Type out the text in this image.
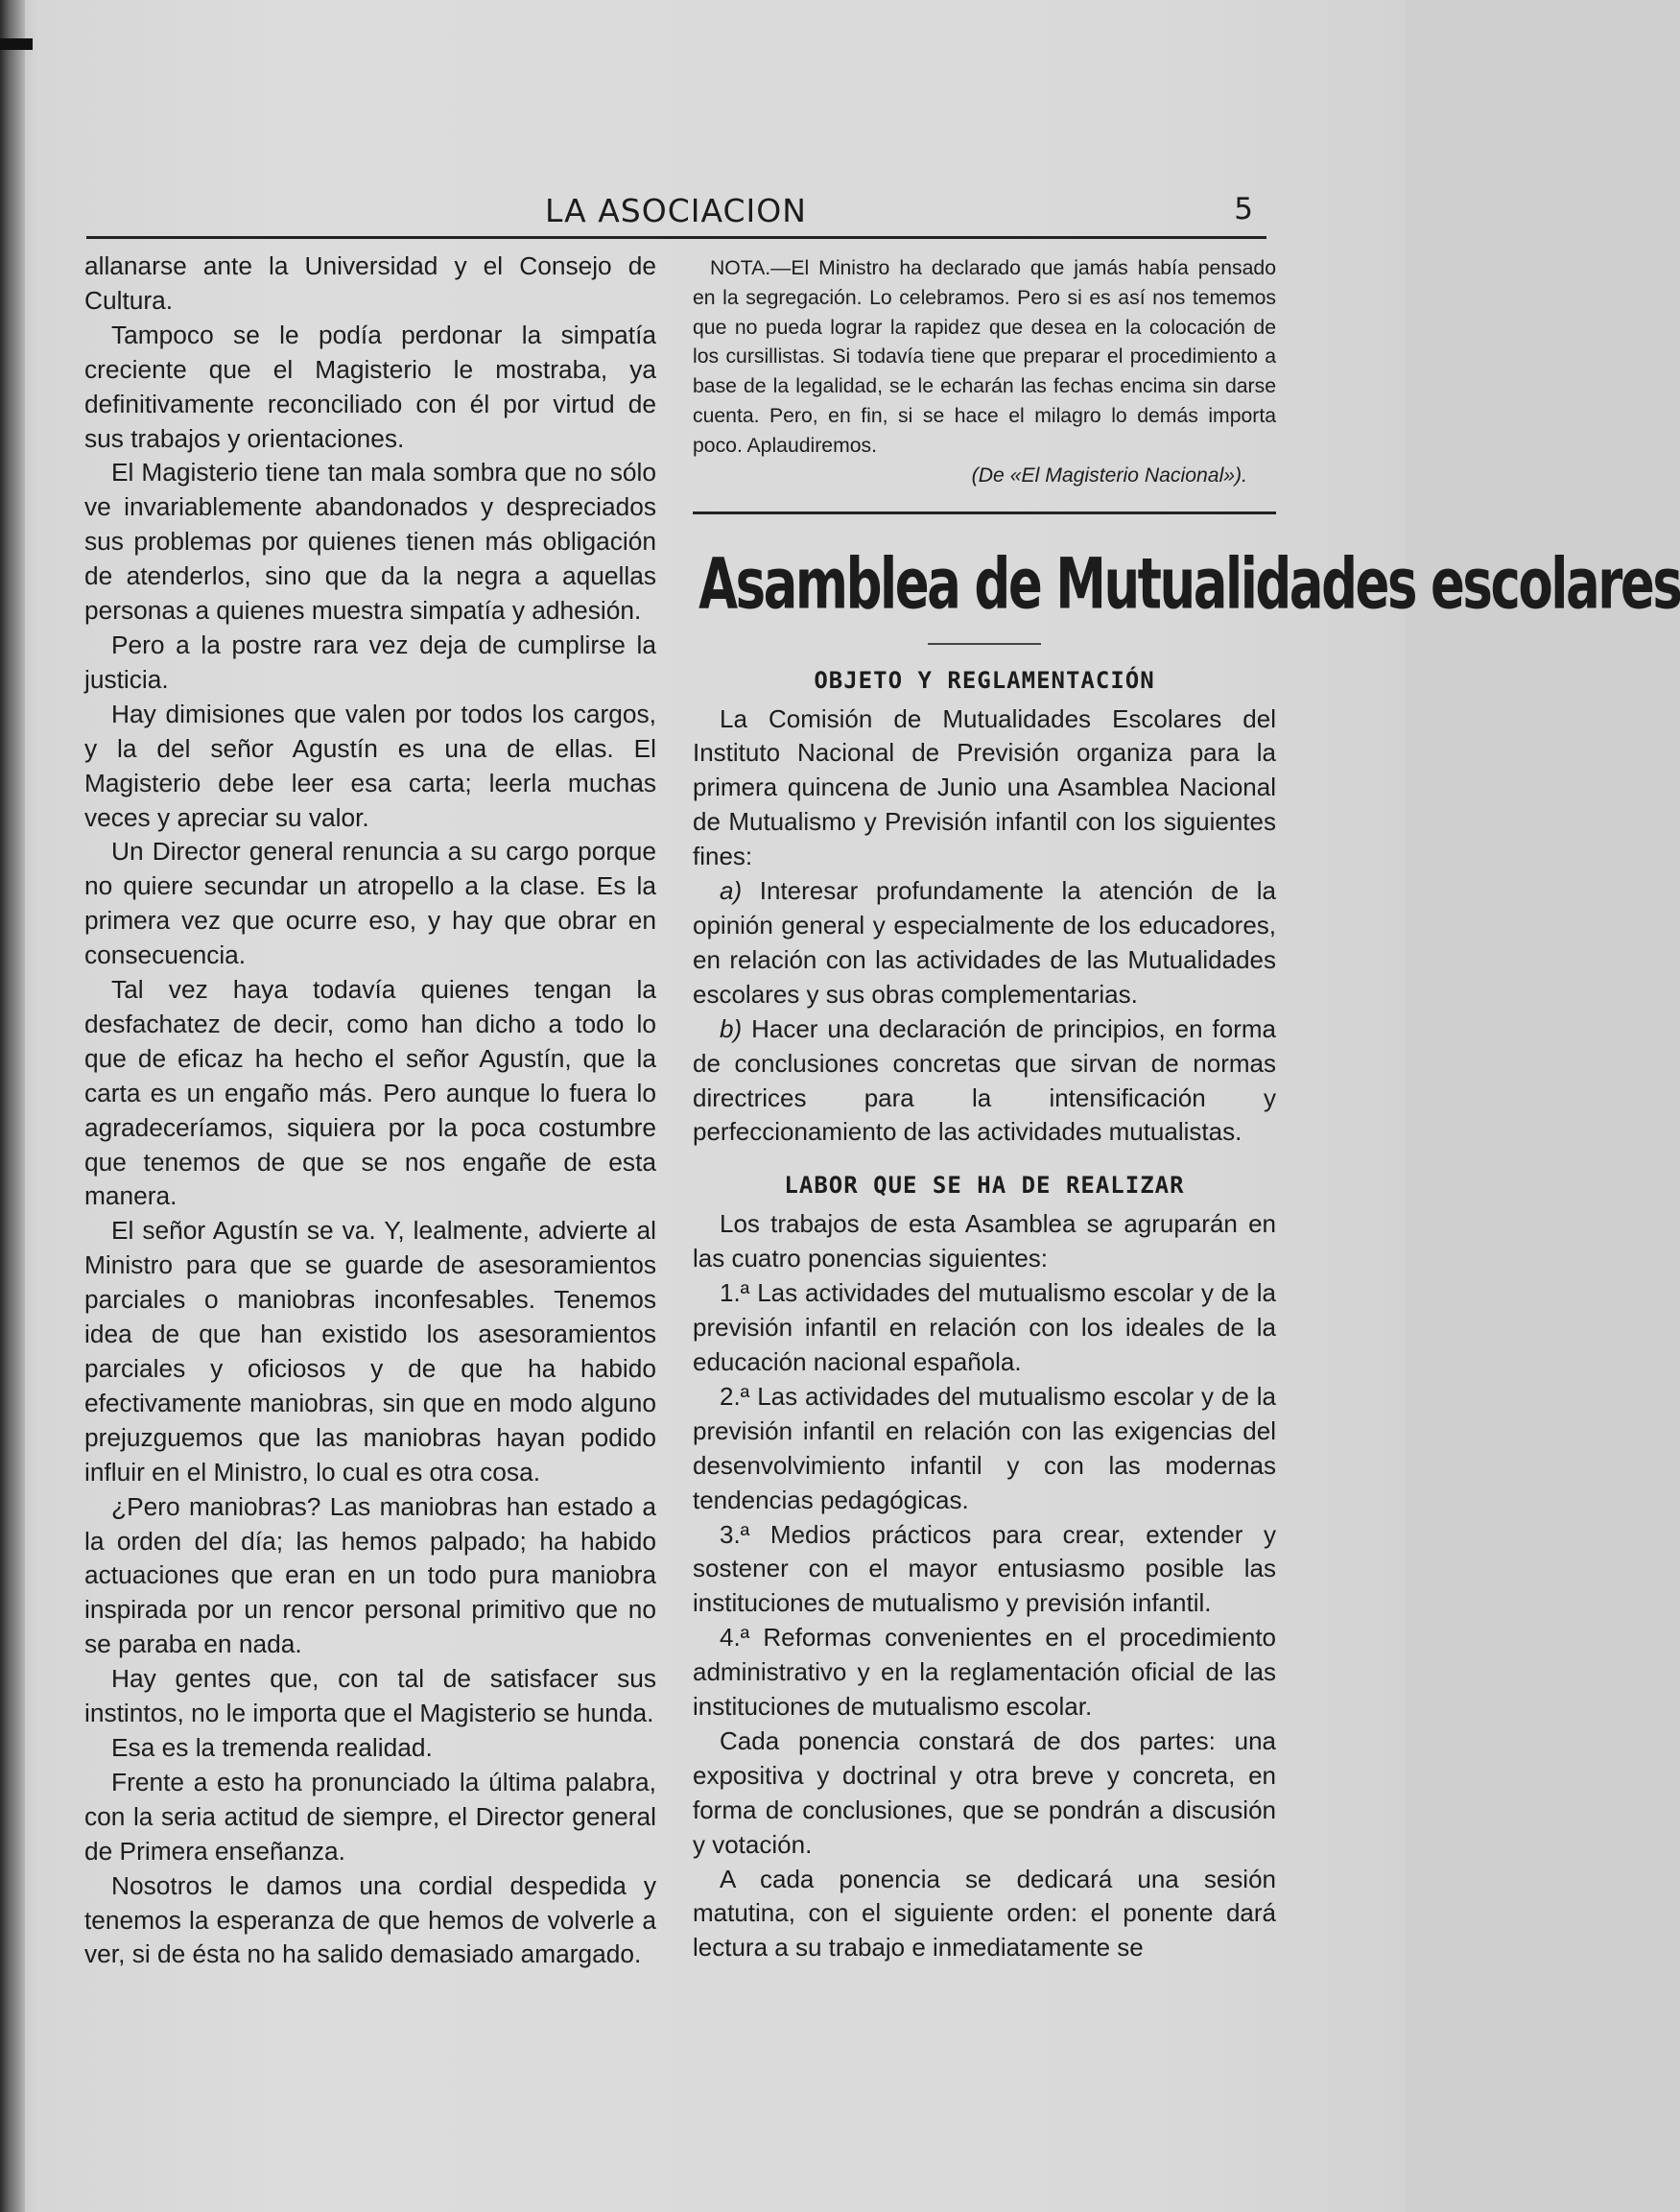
LA ASOCIACION	5

allanarse ante la Universidad y el Consejo de Cultura.

Tampoco se le podía perdonar la simpatía creciente que el Magisterio le mostraba, ya definitivamente reconciliado con él por virtud de sus trabajos y orientaciones.

El Magisterio tiene tan mala sombra que no sólo ve invariablemente abandonados y despreciados sus problemas por quienes tienen más obligación de atenderlos, sino que da la negra a aquellas personas a quienes muestra simpatía y adhesión.

Pero a la postre rara vez deja de cumplirse la justicia.

Hay dimisiones que valen por todos los cargos, y la del señor Agustín es una de ellas. El Magisterio debe leer esa carta; leerla muchas veces y apreciar su valor.

Un Director general renuncia a su cargo porque no quiere secundar un atropello a la clase. Es la primera vez que ocurre eso, y hay que obrar en consecuencia.

Tal vez haya todavía quienes tengan la desfachatez de decir, como han dicho a todo lo que de eficaz ha hecho el señor Agustín, que la carta es un engaño más. Pero aunque lo fuera lo agradeceríamos, siquiera por la poca costumbre que tenemos de que se nos engañe de esta manera.

El señor Agustín se va. Y, lealmente, advierte al Ministro para que se guarde de asesoramientos parciales o maniobras inconfesables. Tenemos idea de que han existido los asesoramientos parciales y oficiosos y de que ha habido efectivamente maniobras, sin que en modo alguno prejuzguemos que las maniobras hayan podido influir en el Ministro, lo cual es otra cosa.

¿Pero maniobras? Las maniobras han estado a la orden del día; las hemos palpado; ha habido actuaciones que eran en un todo pura maniobra inspirada por un rencor personal primitivo que no se paraba en nada.

Hay gentes que, con tal de satisfacer sus instintos, no le importa que el Magisterio se hunda.

Esa es la tremenda realidad.

Frente a esto ha pronunciado la última palabra, con la seria actitud de siempre, el Director general de Primera enseñanza.

Nosotros le damos una cordial despedida y tenemos la esperanza de que hemos de volverle a ver, si de ésta no ha salido demasiado amargado.

NOTA.—El Ministro ha declarado que jamás había pensado en la segregación. Lo celebramos. Pero si es así nos tememos que no pueda lograr la rapidez que desea en la colocación de los cursillistas. Si todavía tiene que preparar el procedimiento a base de la legalidad, se le echarán las fechas encima sin darse cuenta. Pero, en fin, si se hace el milagro lo demás importa poco. Aplaudiremos.

(De «El Magisterio Nacional»).
Asamblea de Mutualidades escolares
OBJETO Y REGLAMENTACIÓN

La Comisión de Mutualidades Escolares del Instituto Nacional de Previsión organiza para la primera quincena de Junio una Asamblea Nacional de Mutualismo y Previsión infantil con los siguientes fines:

a) Interesar profundamente la atención de la opinión general y especialmente de los educadores, en relación con las actividades de las Mutualidades escolares y sus obras complementarias.

b) Hacer una declaración de principios, en forma de conclusiones concretas que sirvan de normas directrices para la intensificación y perfeccionamiento de las actividades mutualistas.

LABOR QUE SE HA DE REALIZAR

Los trabajos de esta Asamblea se agruparán en las cuatro ponencias siguientes:

1.ª Las actividades del mutualismo escolar y de la previsión infantil en relación con los ideales de la educación nacional española.

2.ª Las actividades del mutualismo escolar y de la previsión infantil en relación con las exigencias del desenvolvimiento infantil y con las modernas tendencias pedagógicas.

3.ª Medios prácticos para crear, extender y sostener con el mayor entusiasmo posible las instituciones de mutualismo y previsión infantil.

4.ª Reformas convenientes en el procedimiento administrativo y en la reglamentación oficial de las instituciones de mutualismo escolar.

Cada ponencia constará de dos partes: una expositiva y doctrinal y otra breve y concreta, en forma de conclusiones, que se pondrán a discusión y votación.

A cada ponencia se dedicará una sesión matutina, con el siguiente orden: el ponente dará lectura a su trabajo e inmediatamente se
